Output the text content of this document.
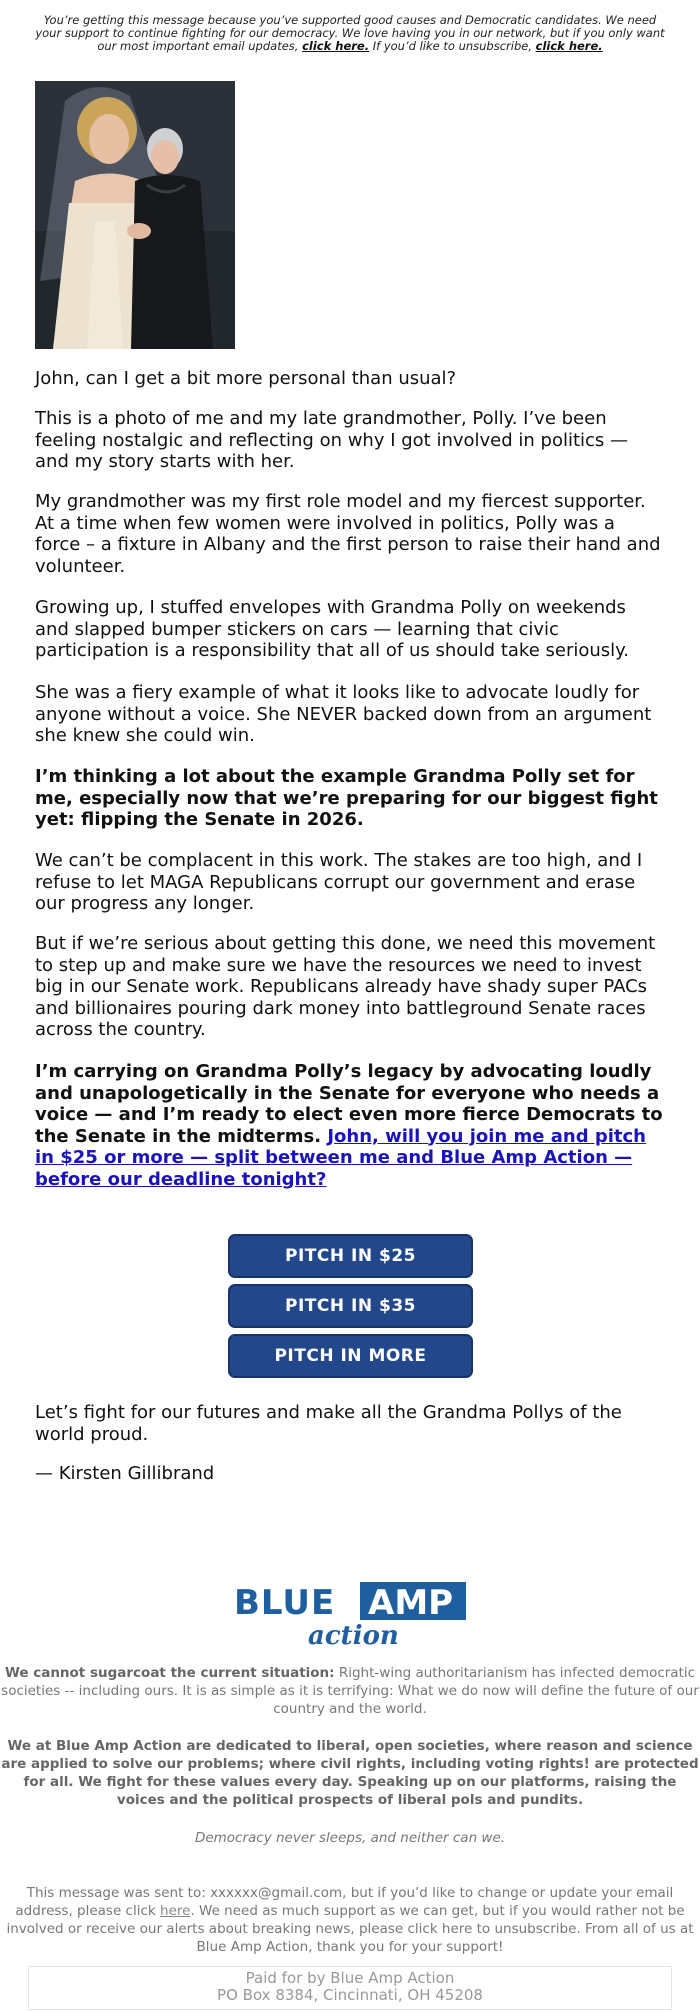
You’re getting this message because you’ve supported good causes and Democratic candidates. We need your support to continue fighting for our democracy. We love having you in our network, but if you only want our most important email updates, click here. If you’d like to unsubscribe, click here.

John, can I get a bit more personal than usual?

This is a photo of me and my late grandmother, Polly. I’ve been feeling nostalgic and reflecting on why I got involved in politics — and my story starts with her.

My grandmother was my first role model and my fiercest supporter. At a time when few women were involved in politics, Polly was a force – a fixture in Albany and the first person to raise their hand and volunteer.

Growing up, I stuffed envelopes with Grandma Polly on weekends and slapped bumper stickers on cars — learning that civic participation is a responsibility that all of us should take seriously.

She was a fiery example of what it looks like to advocate loudly for anyone without a voice. She NEVER backed down from an argument she knew she could win.

I’m thinking a lot about the example Grandma Polly set for me, especially now that we’re preparing for our biggest fight yet: flipping the Senate in 2026.

We can’t be complacent in this work. The stakes are too high, and I refuse to let MAGA Republicans corrupt our government and erase our progress any longer.

But if we’re serious about getting this done, we need this movement to step up and make sure we have the resources we need to invest big in our Senate work. Republicans already have shady super PACs and billionaires pouring dark money into battleground Senate races across the country.

I’m carrying on Grandma Polly’s legacy by advocating loudly and unapologetically in the Senate for everyone who needs a voice — and I’m ready to elect even more fierce Democrats to the Senate in the midterms. John, will you join me and pitch in $25 or more — split between me and Blue Amp Action — before our deadline tonight?

PITCH IN $25
PITCH IN $35
PITCH IN MORE

Let’s fight for our futures and make all the Grandma Pollys of the world proud.

— Kirsten Gillibrand

BLUE AMP
action

We cannot sugarcoat the current situation: Right-wing authoritarianism has infected democratic societies -- including ours. It is as simple as it is terrifying: What we do now will define the future of our country and the world.

We at Blue Amp Action are dedicated to liberal, open societies, where reason and science are applied to solve our problems; where civil rights, including voting rights! are protected for all. We fight for these values every day. Speaking up on our platforms, raising the voices and the political prospects of liberal pols and pundits.

Democracy never sleeps, and neither can we.

This message was sent to: xxxxxx@gmail.com, but if you’d like to change or update your email address, please click here. We need as much support as we can get, but if you would rather not be involved or receive our alerts about breaking news, please click here to unsubscribe. From all of us at Blue Amp Action, thank you for your support!

Paid for by Blue Amp Action
PO Box 8384, Cincinnati, OH 45208
